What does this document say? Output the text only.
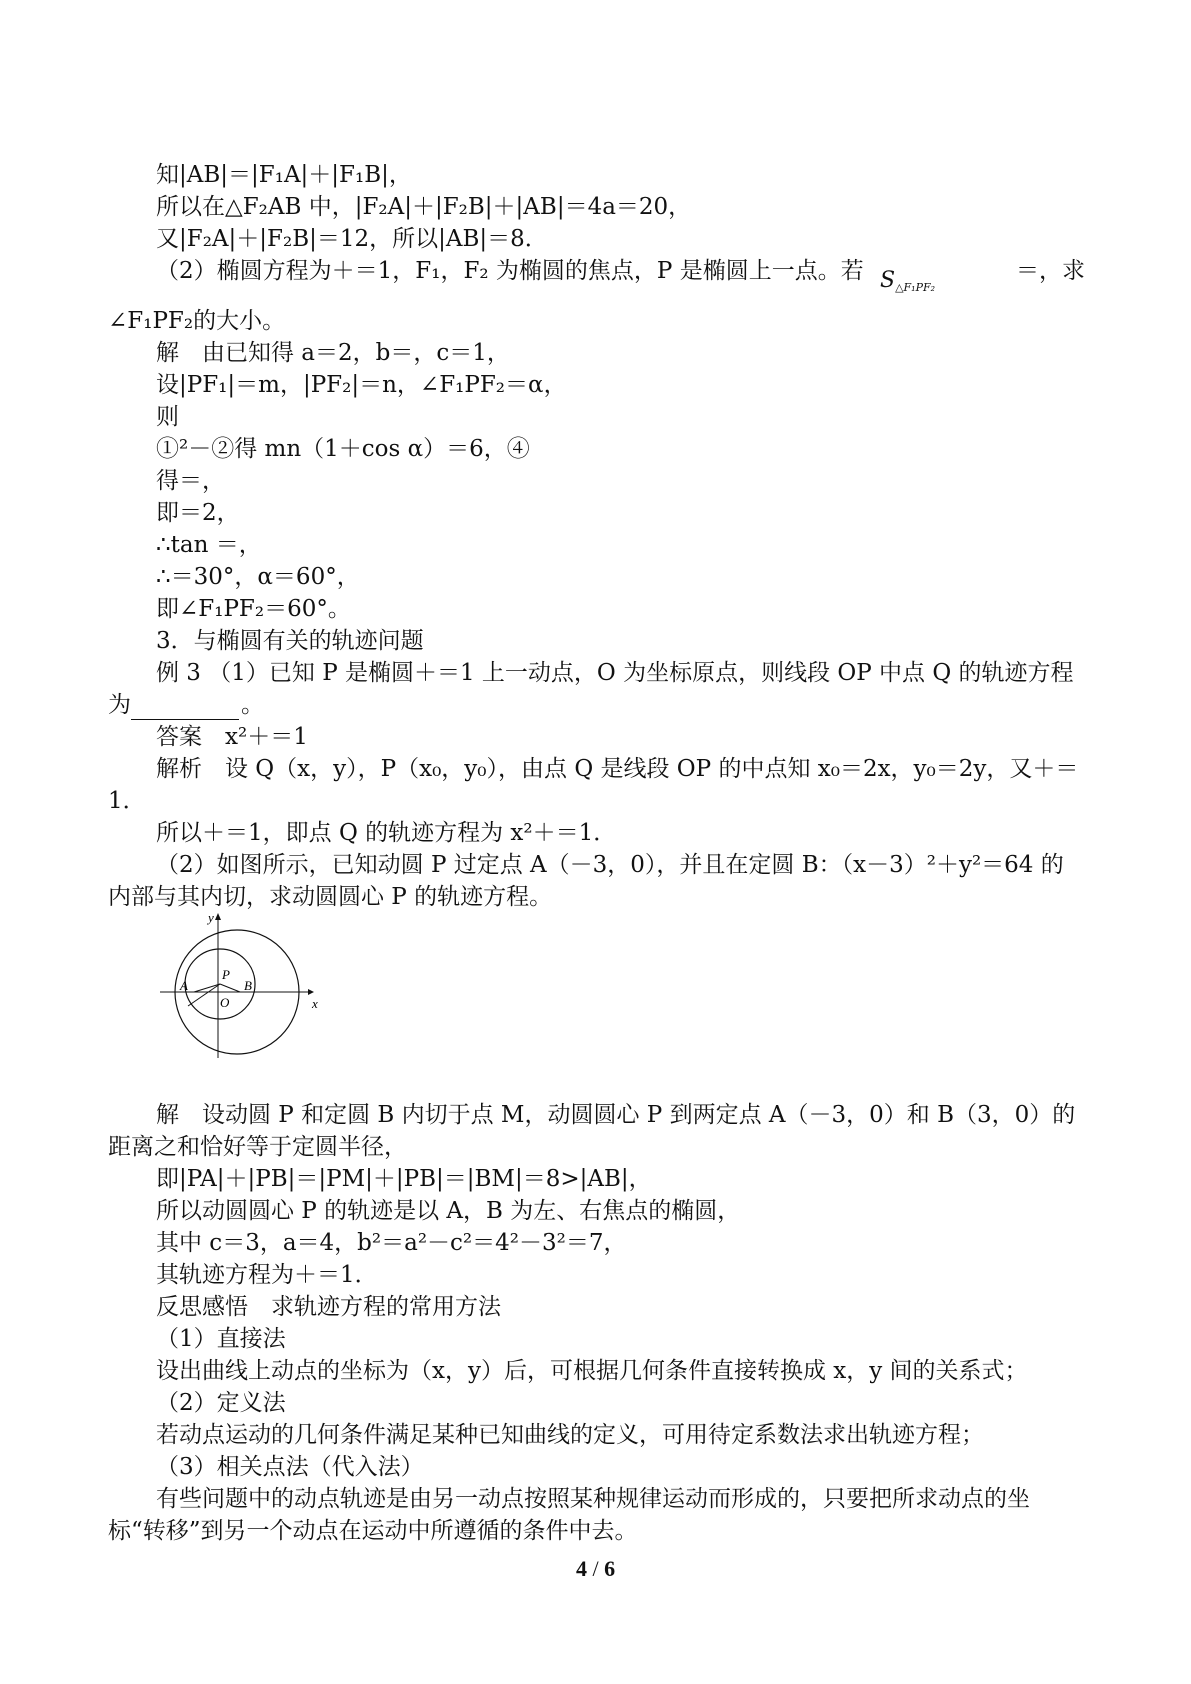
知|AB|＝|F₁A|＋|F₁B|，
所以在△F₂AB 中，|F₂A|＋|F₂B|＋|AB|＝4a＝20，
又|F₂A|＋|F₂B|＝12，所以|AB|＝8．
（2）椭圆方程为＋＝1，F₁，F₂ 为椭圆的焦点，P 是椭圆上一点。若 S△F₁PF₂
＝，求
∠F₁PF₂的大小。
解　由已知得 a＝2，b＝，c＝1，
设|PF₁|＝m，|PF₂|＝n，∠F₁PF₂＝α，
则
①²－②得 mn（1＋cos α）＝6，④
得＝，
即＝2，
∴tan ＝，
∴＝30°，α＝60°，
即∠F₁PF₂＝60°。
3．与椭圆有关的轨迹问题
例 3 （1）已知 P 是椭圆＋＝1 上一动点，O 为坐标原点，则线段 OP 中点 Q 的轨迹方程
为	。
答案　x²＋＝1
解析　设 Q（x，y），P（x₀，y₀），由点 Q 是线段 OP 的中点知 x₀＝2x，y₀＝2y，又＋＝
1．
所以＋＝1，即点 Q 的轨迹方程为 x²＋＝1．
（2）如图所示，已知动圆 P 过定点 A（－3，0），并且在定圆 B：（x－3）²＋y²＝64 的
内部与其内切，求动圆圆心 P 的轨迹方程。
y
x
A
P
B
O
解　设动圆 P 和定圆 B 内切于点 M，动圆圆心 P 到两定点 A（－3，0）和 B（3，0）的
距离之和恰好等于定圆半径，
即|PA|＋|PB|＝|PM|＋|PB|＝|BM|＝8>|AB|，
所以动圆圆心 P 的轨迹是以 A，B 为左、右焦点的椭圆，
其中 c＝3，a＝4，b²＝a²－c²＝4²－3²＝7，
其轨迹方程为＋＝1．
反思感悟　求轨迹方程的常用方法
（1）直接法
设出曲线上动点的坐标为（x，y）后，可根据几何条件直接转换成 x，y 间的关系式；
（2）定义法
若动点运动的几何条件满足某种已知曲线的定义，可用待定系数法求出轨迹方程；
（3）相关点法（代入法）
有些问题中的动点轨迹是由另一动点按照某种规律运动而形成的，只要把所求动点的坐
标“转移”到另一个动点在运动中所遵循的条件中去。
4 / 6
